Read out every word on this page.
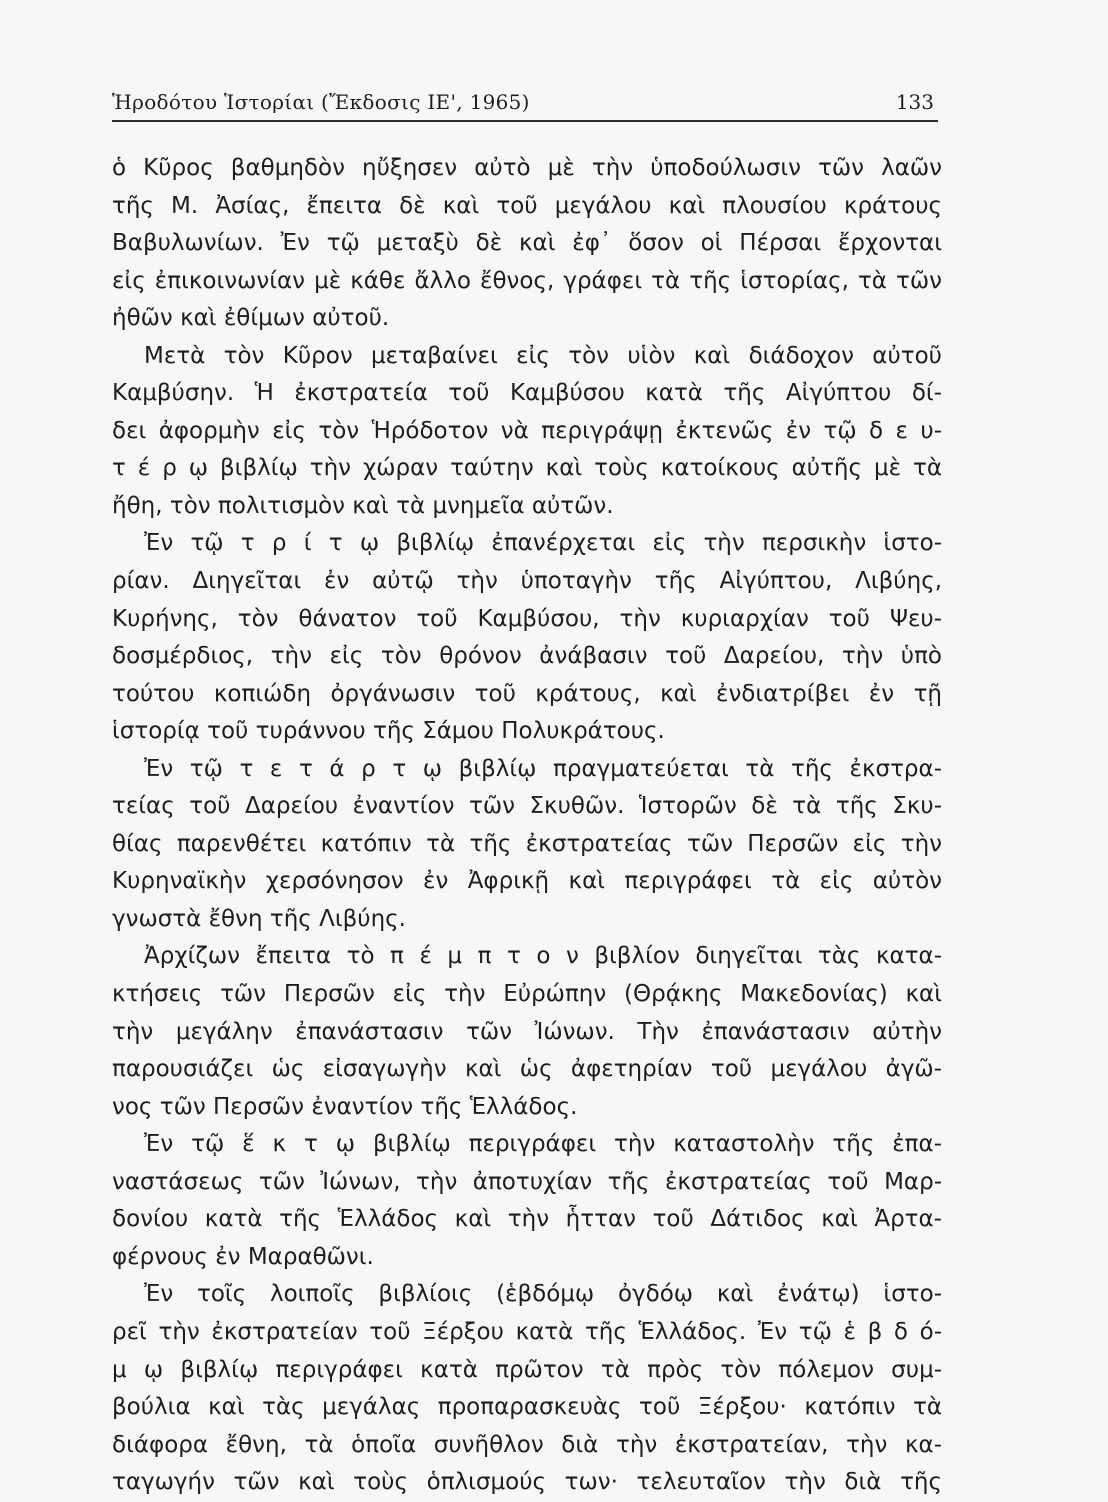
Ἡροδότου Ἱστορίαι (Ἔκδοσις ΙΕ', 1965)	133
ὁ Κῦρος βαθμηδὸν ηὔξησεν αὐτὸ μὲ τὴν ὑποδούλωσιν τῶν λαῶν
τῆς Μ. Ἀσίας, ἔπειτα δὲ καὶ τοῦ μεγάλου καὶ πλουσίου κράτους
Βαβυλωνίων. Ἐν τῷ μεταξὺ δὲ καὶ ἐφ᾽ ὅσον οἱ Πέρσαι ἔρχονται
εἰς ἐπικοινωνίαν μὲ κάθε ἄλλο ἔθνος, γράφει τὰ τῆς ἱστορίας, τὰ τῶν
ἠθῶν καὶ ἐθίμων αὐτοῦ.
Μετὰ τὸν Κῦρον μεταβαίνει εἰς τὸν υἱὸν καὶ διάδοχον αὐτοῦ
Καμβύσην. Ἡ ἐκστρατεία τοῦ Καμβύσου κατὰ τῆς Αἰγύπτου δί-
δει ἀφορμὴν εἰς τὸν Ἡρόδοτον νὰ περιγράψῃ ἐκτενῶς ἐν τῷ δ ε υ-
τ έ ρ ῳ βιβλίῳ τὴν χώραν ταύτην καὶ τοὺς κατοίκους αὐτῆς μὲ τὰ
ἤθη, τὸν πολιτισμὸν καὶ τὰ μνημεῖα αὐτῶν.
Ἐν τῷ τ ρ ί τ ῳ βιβλίῳ ἐπανέρχεται εἰς τὴν περσικὴν ἱστο-
ρίαν. Διηγεῖται ἐν αὐτῷ τὴν ὑποταγὴν τῆς Αἰγύπτου, Λιβύης,
Κυρήνης, τὸν θάνατον τοῦ Καμβύσου, τὴν κυριαρχίαν τοῦ Ψευ-
δοσμέρδιος, τὴν εἰς τὸν θρόνον ἀνάβασιν τοῦ Δαρείου, τὴν ὑπὸ
τούτου κοπιώδη ὀργάνωσιν τοῦ κράτους, καὶ ἐνδιατρίβει ἐν τῇ
ἱστορίᾳ τοῦ τυράννου τῆς Σάμου Πολυκράτους.
Ἐν τῷ τ ε τ ά ρ τ ῳ βιβλίῳ πραγματεύεται τὰ τῆς ἐκστρα-
τείας τοῦ Δαρείου ἐναντίον τῶν Σκυθῶν. Ἱστορῶν δὲ τὰ τῆς Σκυ-
θίας παρενθέτει κατόπιν τὰ τῆς ἐκστρατείας τῶν Περσῶν εἰς τὴν
Κυρηναϊκὴν χερσόνησον ἐν Ἀφρικῇ καὶ περιγράφει τὰ εἰς αὐτὸν
γνωστὰ ἔθνη τῆς Λιβύης.
Ἀρχίζων ἔπειτα τὸ π έ μ π τ ο ν βιβλίον διηγεῖται τὰς κατα-
κτήσεις τῶν Περσῶν εἰς τὴν Εὐρώπην (Θρᾴκης Μακεδονίας) καὶ
τὴν μεγάλην ἐπανάστασιν τῶν Ἰώνων. Τὴν ἐπανάστασιν αὐτὴν
παρουσιάζει ὡς εἰσαγωγὴν καὶ ὡς ἀφετηρίαν τοῦ μεγάλου ἀγῶ-
νος τῶν Περσῶν ἐναντίον τῆς Ἑλλάδος.
Ἐν τῷ ἕ κ τ ῳ βιβλίῳ περιγράφει τὴν καταστολὴν τῆς ἐπα-
ναστάσεως τῶν Ἰώνων, τὴν ἀποτυχίαν τῆς ἐκστρατείας τοῦ Μαρ-
δονίου κατὰ τῆς Ἑλλάδος καὶ τὴν ἧτταν τοῦ Δάτιδος καὶ Ἀρτα-
φέρνους ἐν Μαραθῶνι.
Ἐν τοῖς λοιποῖς βιβλίοις (ἑβδόμῳ ὀγδόῳ καὶ ἐνάτῳ) ἱστο-
ρεῖ τὴν ἐκστρατείαν τοῦ Ξέρξου κατὰ τῆς Ἑλλάδος. Ἐν τῷ ἑ β δ ό-
μ ῳ βιβλίῳ περιγράφει κατὰ πρῶτον τὰ πρὸς τὸν πόλεμον συμ-
βούλια καὶ τὰς μεγάλας προπαρασκευὰς τοῦ Ξέρξου· κατόπιν τὰ
διάφορα ἔθνη, τὰ ὁποῖα συνῆθλον διὰ τὴν ἐκστρατείαν, τὴν κα-
ταγωγήν τῶν καὶ τοὺς ὁπλισμούς των· τελευταῖον τὴν διὰ τῆς
